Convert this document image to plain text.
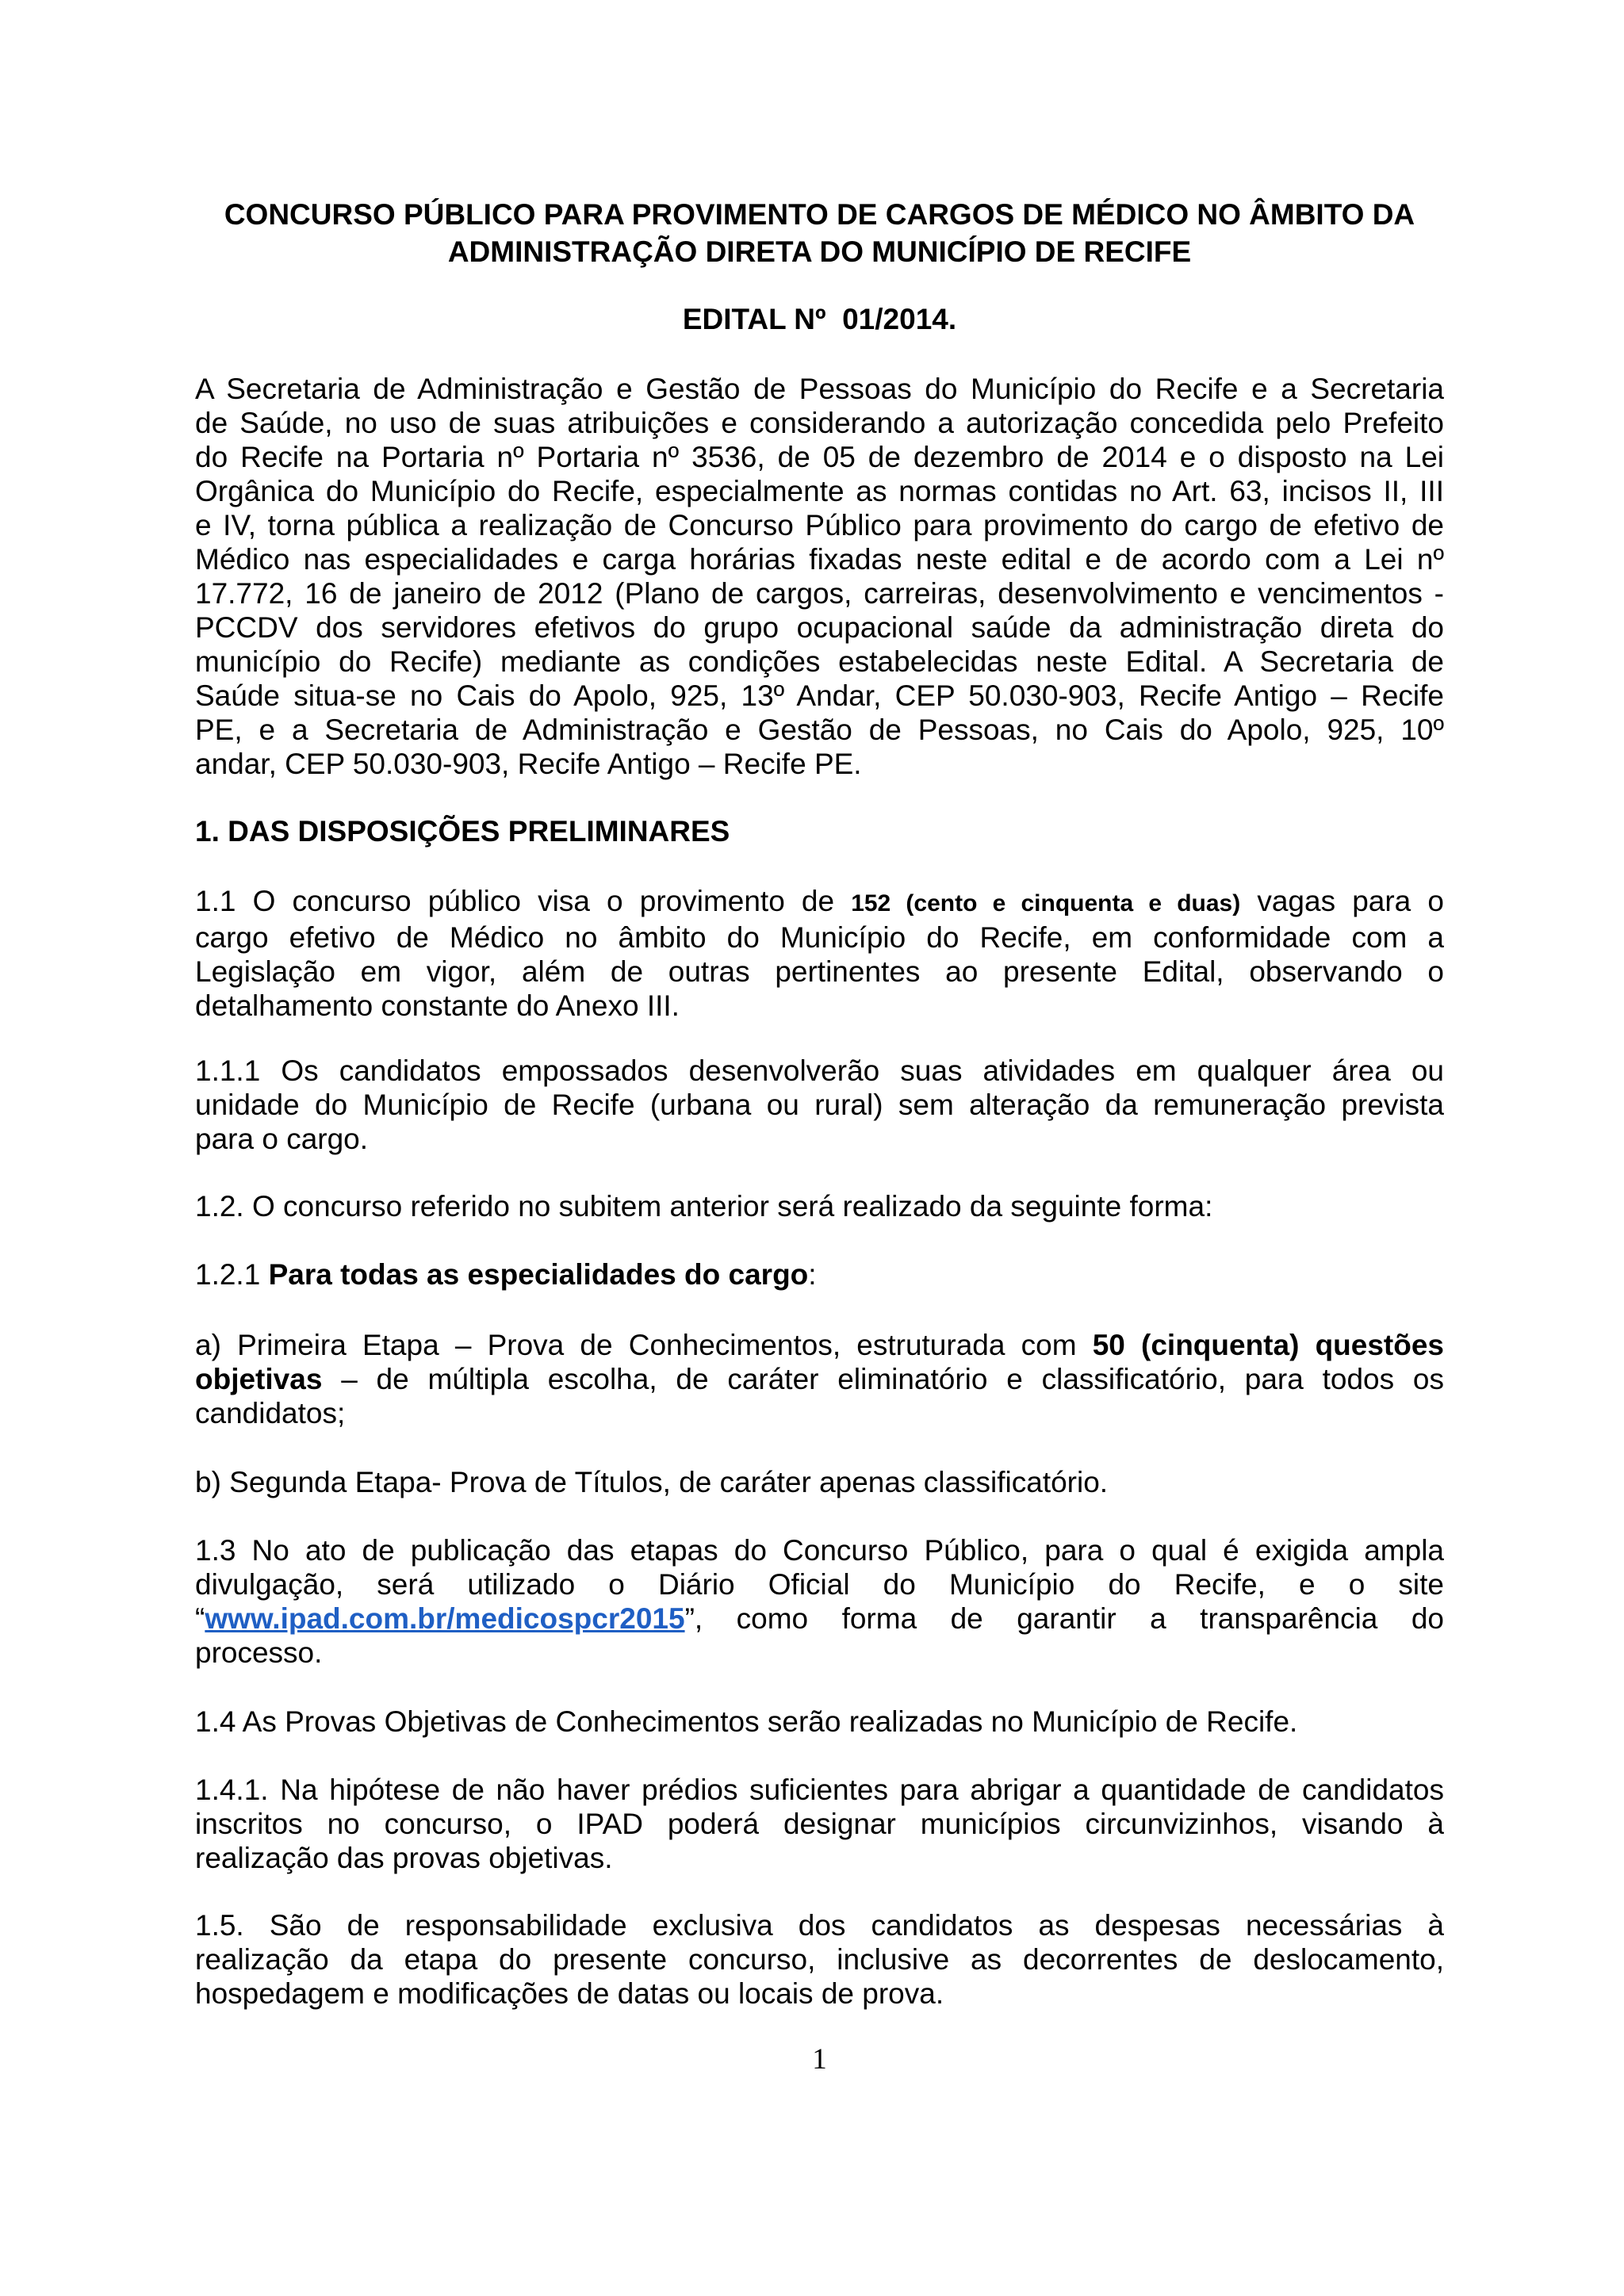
CONCURSO PÚBLICO PARA PROVIMENTO DE CARGOS DE MÉDICO NO ÂMBITO DA
ADMINISTRAÇÃO DIRETA DO MUNICÍPIO DE RECIFE
EDITAL Nº  01/2014.
A Secretaria de Administração e Gestão de Pessoas do Município do Recife e a Secretaria
de Saúde, no uso de suas atribuições e considerando a autorização concedida pelo Prefeito
do Recife na Portaria nº Portaria nº 3536, de 05 de dezembro de 2014 e o disposto na Lei
Orgânica do Município do Recife, especialmente as normas contidas no Art. 63, incisos II, III
e IV, torna pública a realização de Concurso Público para provimento do cargo de efetivo de
Médico nas especialidades e carga horárias fixadas neste edital e de acordo com a Lei nº
17.772, 16 de janeiro de 2012 (Plano de cargos, carreiras, desenvolvimento e vencimentos -
PCCDV dos servidores efetivos do grupo ocupacional saúde da administração direta do
município do Recife) mediante as condições estabelecidas neste Edital. A Secretaria de
Saúde situa-se no Cais do Apolo, 925, 13º Andar, CEP 50.030-903, Recife Antigo – Recife
PE, e a Secretaria de Administração e Gestão de Pessoas, no Cais do Apolo, 925, 10º
andar, CEP 50.030-903, Recife Antigo – Recife PE.
1. DAS DISPOSIÇÕES PRELIMINARES
1.1 O concurso público visa o provimento de 152 (cento e cinquenta e duas) vagas para o
cargo efetivo de Médico no âmbito do Município do Recife, em conformidade com a
Legislação em vigor, além de outras pertinentes ao presente Edital, observando o
detalhamento constante do Anexo III.
1.1.1 Os candidatos empossados desenvolverão suas atividades em qualquer área ou
unidade do Município de Recife (urbana ou rural) sem alteração da remuneração prevista
para o cargo.
1.2. O concurso referido no subitem anterior será realizado da seguinte forma:
1.2.1 Para todas as especialidades do cargo:
a) Primeira Etapa – Prova de Conhecimentos, estruturada com 50 (cinquenta) questões
objetivas – de múltipla escolha, de caráter eliminatório e classificatório, para todos os
candidatos;
b) Segunda Etapa- Prova de Títulos, de caráter apenas classificatório.
1.3 No ato de publicação das etapas do Concurso Público, para o qual é exigida ampla
divulgação, será utilizado o Diário Oficial do Município do Recife, e o site
“www.ipad.com.br/medicospcr2015”, como forma de garantir a transparência do
processo.
1.4 As Provas Objetivas de Conhecimentos serão realizadas no Município de Recife.
1.4.1. Na hipótese de não haver prédios suficientes para abrigar a quantidade de candidatos
inscritos no concurso, o IPAD poderá designar municípios circunvizinhos, visando à
realização das provas objetivas.
1.5. São de responsabilidade exclusiva dos candidatos as despesas necessárias à
realização da etapa do presente concurso, inclusive as decorrentes de deslocamento,
hospedagem e modificações de datas ou locais de prova.
1
